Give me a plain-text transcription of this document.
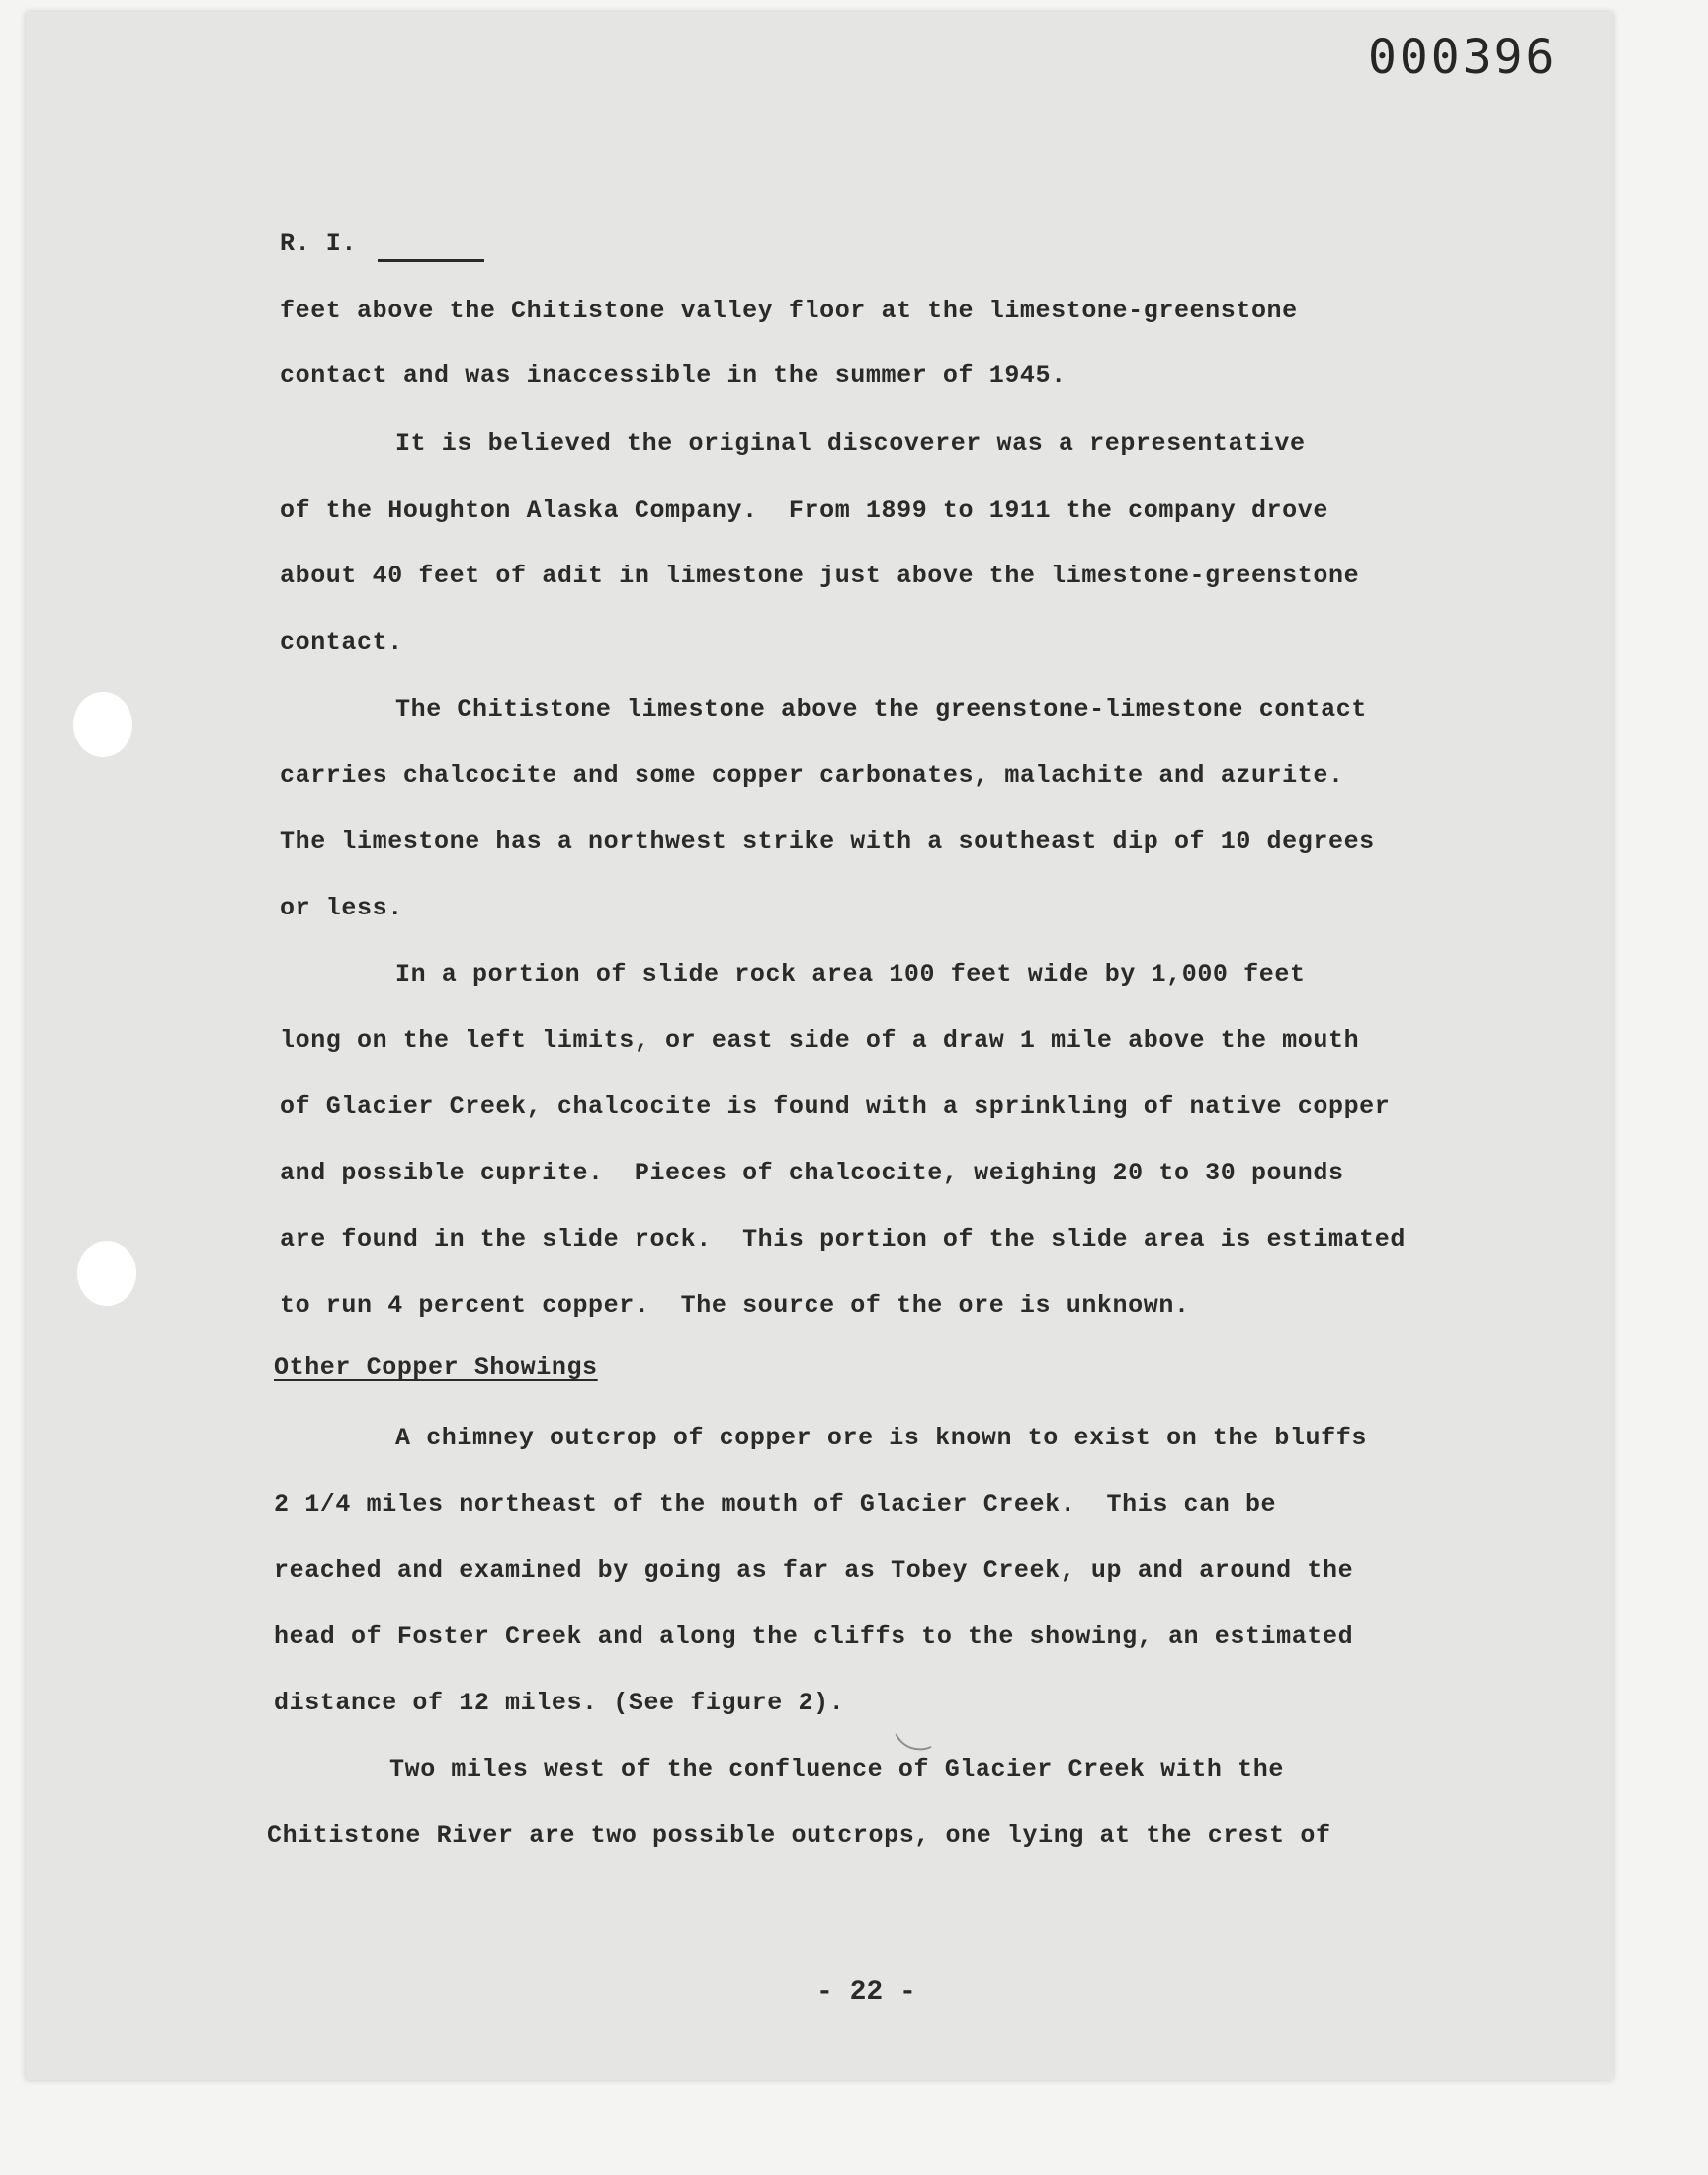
000396
R. I.
feet above the Chitistone valley floor at the limestone-greenstone
contact and was inaccessible in the summer of 1945.
It is believed the original discoverer was a representative
of the Houghton Alaska Company.  From 1899 to 1911 the company drove
about 40 feet of adit in limestone just above the limestone-greenstone
contact.
The Chitistone limestone above the greenstone-limestone contact
carries chalcocite and some copper carbonates, malachite and azurite.
The limestone has a northwest strike with a southeast dip of 10 degrees
or less.
In a portion of slide rock area 100 feet wide by 1,000 feet
long on the left limits, or east side of a draw 1 mile above the mouth
of Glacier Creek, chalcocite is found with a sprinkling of native copper
and possible cuprite.  Pieces of chalcocite, weighing 20 to 30 pounds
are found in the slide rock.  This portion of the slide area is estimated
to run 4 percent copper.  The source of the ore is unknown.
Other Copper Showings
A chimney outcrop of copper ore is known to exist on the bluffs
2 1/4 miles northeast of the mouth of Glacier Creek.  This can be
reached and examined by going as far as Tobey Creek, up and around the
head of Foster Creek and along the cliffs to the showing, an estimated
distance of 12 miles. (See figure 2).
Two miles west of the confluence of Glacier Creek with the
Chitistone River are two possible outcrops, one lying at the crest of
- 22 -
